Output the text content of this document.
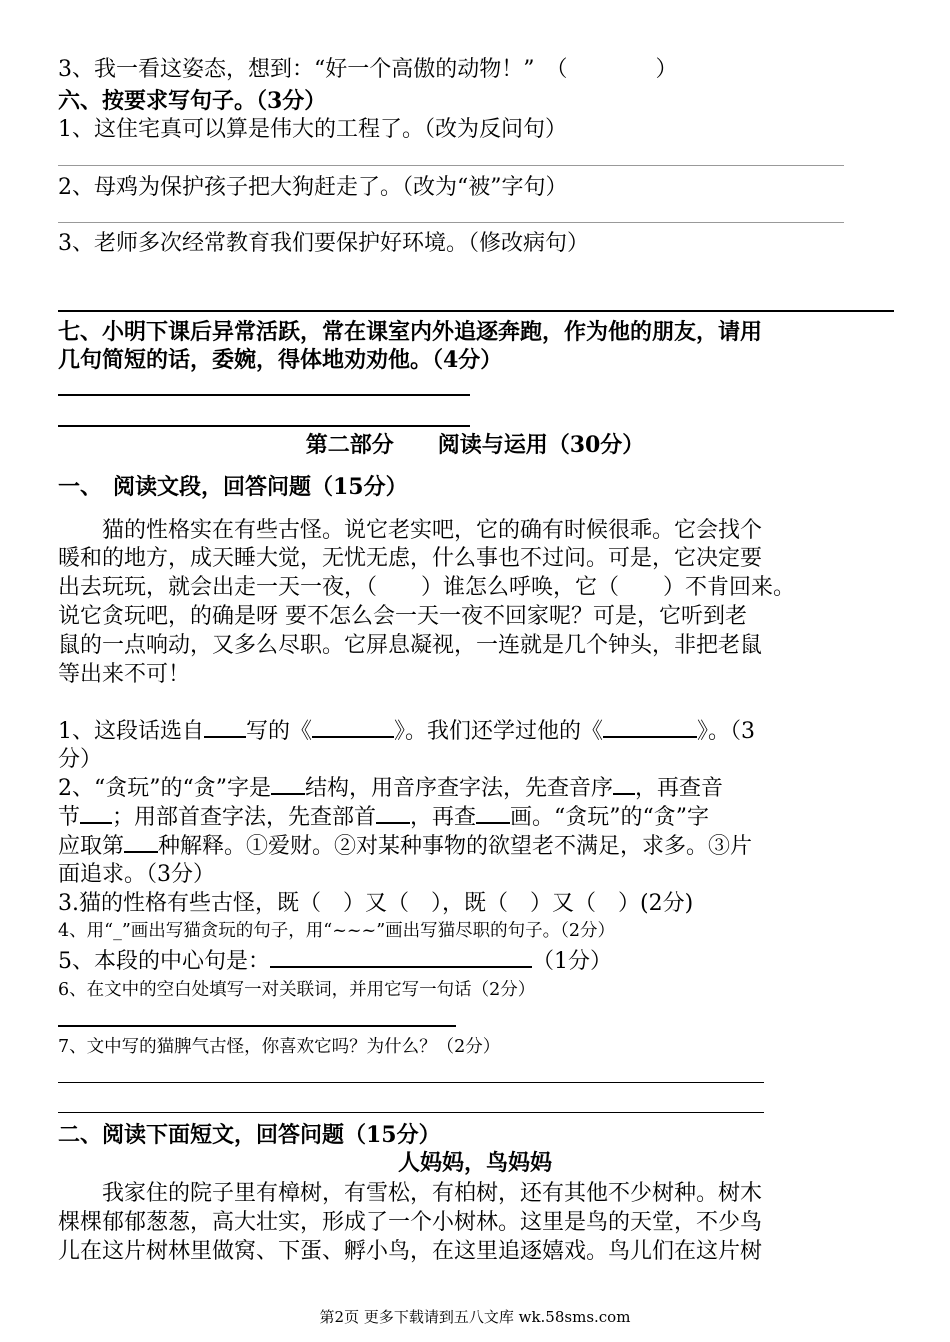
3、我一看这姿态，想到：“好一个高傲的动物！”　（　　　　）
六、按要求写句子。（3分）
1、这住宅真可以算是伟大的工程了。（改为反问句）
2、母鸡为保护孩子把大狗赶走了。（改为“被”字句）
3、老师多次经常教育我们要保护好环境。（修改病句）
七、小明下课后异常活跃，常在课室内外追逐奔跑，作为他的朋友，请用
几句简短的话，委婉，得体地劝劝他。（4分）
第二部分　　阅读与运用（30分）
一、　阅读文段，回答问题（15分）
　　猫的性格实在有些古怪。说它老实吧，它的确有时候很乖。它会找个
暖和的地方，成天睡大觉，无忧无虑，什么事也不过问。可是，它决定要
出去玩玩，就会出走一天一夜，（　　）谁怎么呼唤，它（　　）不肯回来。
说它贪玩吧，的确是呀 要不怎么会一天一夜不回家呢？可是，它听到老
鼠的一点响动，又多么尽职。它屏息凝视，一连就是几个钟头，非把老鼠
等出来不可！
1、这段话选自 写的《	》。我们还学过他的《	》。（3
分）
2、“贪玩”的“贪”字是 结构，用音序查字法，先查音序 ，再查音
节 ；用部首查字法，先查部首 ，再查 画。“贪玩”的“贪”字
应取第 种解释。①爱财。②对某种事物的欲望老不满足，求多。③片
面追求。（3分）
3.猫的性格有些古怪，既（　）又（　），既（　）又（　）(2分)
4、用“_”画出写猫贪玩的句子，用“~~~”画出写猫尽职的句子。（2分）
5、本段的中心句是：	（1分）
6、在文中的空白处填写一对关联词，并用它写一句话（2分）
7、文中写的猫脾气古怪，你喜欢它吗？为什么？（2分）
二、阅读下面短文，回答问题（15分）
人妈妈，鸟妈妈
　　我家住的院子里有樟树，有雪松，有柏树，还有其他不少树种。树木
棵棵郁郁葱葱，高大壮实，形成了一个小树林。这里是鸟的天堂，不少鸟
儿在这片树林里做窝、下蛋、孵小鸟，在这里追逐嬉戏。鸟儿们在这片树
第2页 更多下载请到五八文库 wk.58sms.com
